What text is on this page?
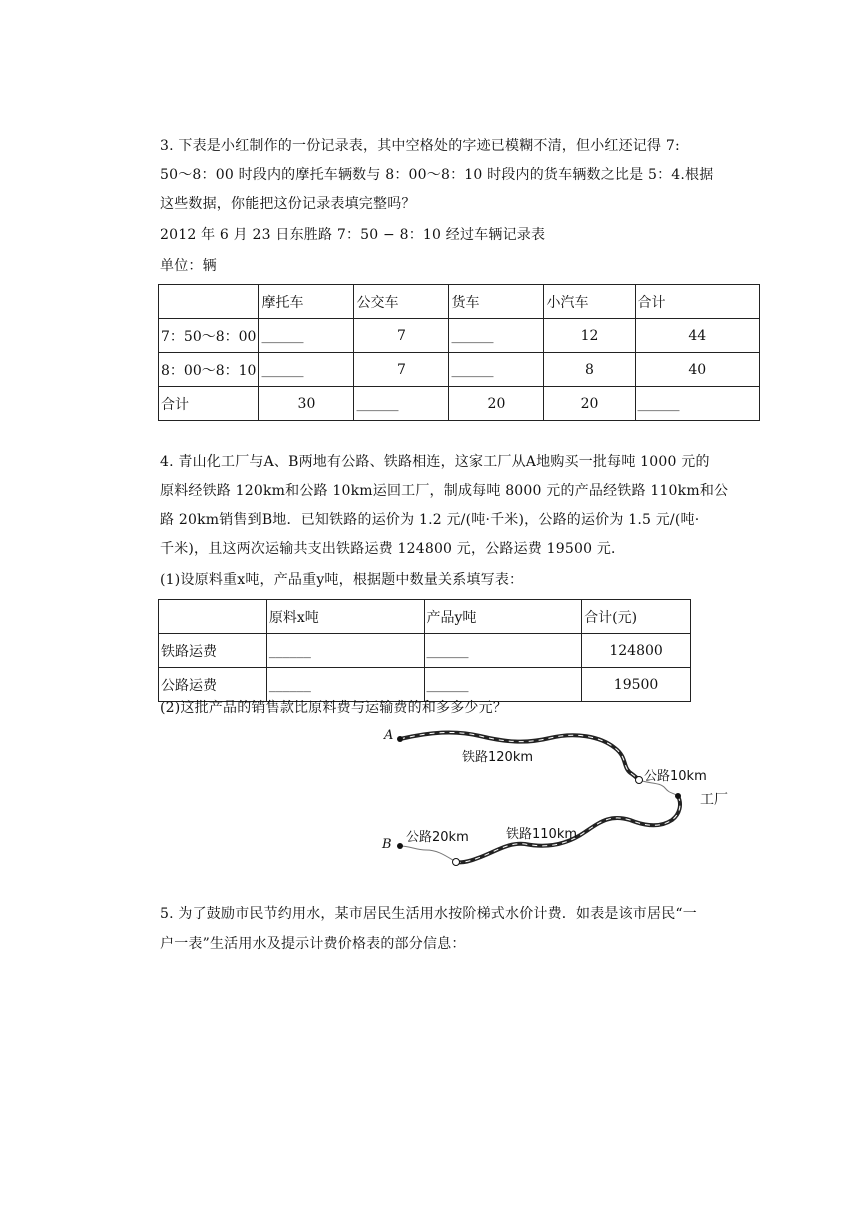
3. 下表是小红制作的一份记录表，其中空格处的字迹已模糊不清，但小红还记得 7:
50～8：00 时段内的摩托车辆数与 8：00～8：10 时段内的货车辆数之比是 5：4.根据
这些数据，你能把这份记录表填完整吗？
2012 年 6 月 23 日东胜路 7：50 − 8：10 经过车辆记录表
单位：辆
	摩托车	公交车	货车	小汽车	合计
7：50～8：00	______	7	______	12	44
8：00～8：10	______	7	______	8	40
合计	30	______	20	20	______
4. 青山化工厂与A、B两地有公路、铁路相连，这家工厂从A地购买一批每吨 1000 元的
原料经铁路 120km和公路 10km运回工厂，制成每吨 8000 元的产品经铁路 110km和公
路 20km销售到B地．已知铁路的运价为 1.2 元/(吨·千米)，公路的运价为 1.5 元/(吨·
千米)，且这两次运输共支出铁路运费 124800 元，公路运费 19500 元．
(1)设原料重x吨，产品重y吨，根据题中数量关系填写表：
	原料x吨	产品y吨	合计(元)
铁路运费	______	______	124800
公路运费	______	______	19500
(2)这批产品的销售款比原料费与运输费的和多多少元？
A
铁路120km
公路10km
工厂
公路20km	铁路110km
B
5. 为了鼓励市民节约用水，某市居民生活用水按阶梯式水价计费．如表是该市居民“一
户一表”生活用水及提示计费价格表的部分信息：
